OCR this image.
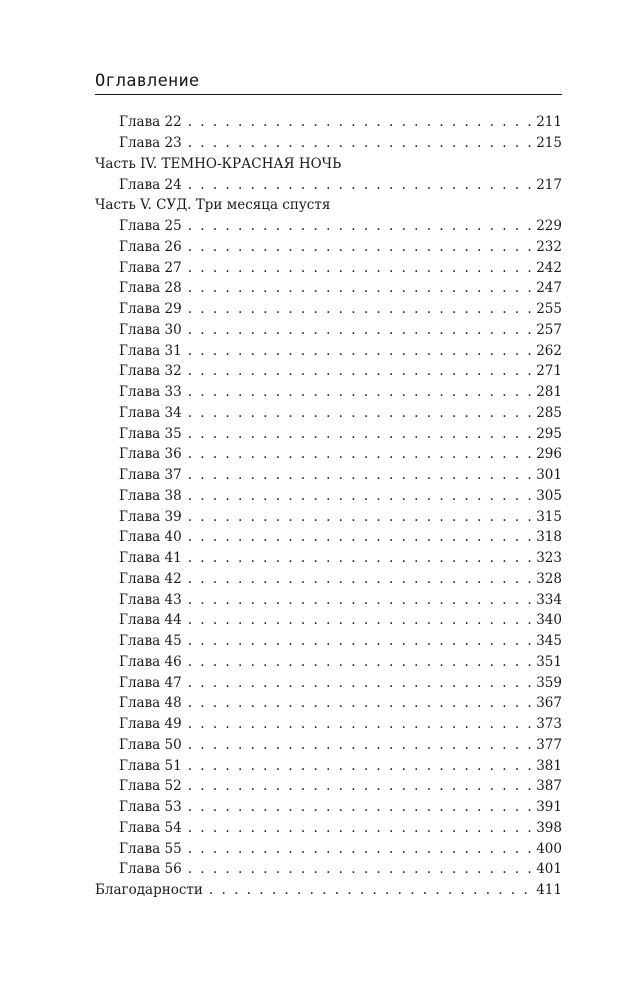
Оглавление
Глава 22 . . .	211
Глава 23 . . .	215
Часть IV. ТЕМНО-КРАСНАЯ НОЧЬ
Глава 24 . . .	217
Часть V. СУД. Три месяца спустя
Глава 25 . . .	229
Глава 26 . . .	232
Глава 27 . . .	242
Глава 28 . . .	247
Глава 29 . . .	255
Глава 30 . . .	257
Глава 31 . . .	262
Глава 32 . . .	271
Глава 33 . . .	281
Глава 34 . . .	285
Глава 35 . . .	295
Глава 36 . . .	296
Глава 37 . . .	301
Глава 38 . . .	305
Глава 39 . . .	315
Глава 40 . . .	318
Глава 41 . . .	323
Глава 42 . . .	328
Глава 43 . . .	334
Глава 44 . . .	340
Глава 45 . . .	345
Глава 46 . . .	351
Глава 47 . . .	359
Глава 48 . . .	367
Глава 49 . . .	373
Глава 50 . . .	377
Глава 51 . . .	381
Глава 52 . . .	387
Глава 53 . . .	391
Глава 54 . . .	398
Глава 55 . . .	400
Глава 56 . . .	401
Благодарности . . .	411
